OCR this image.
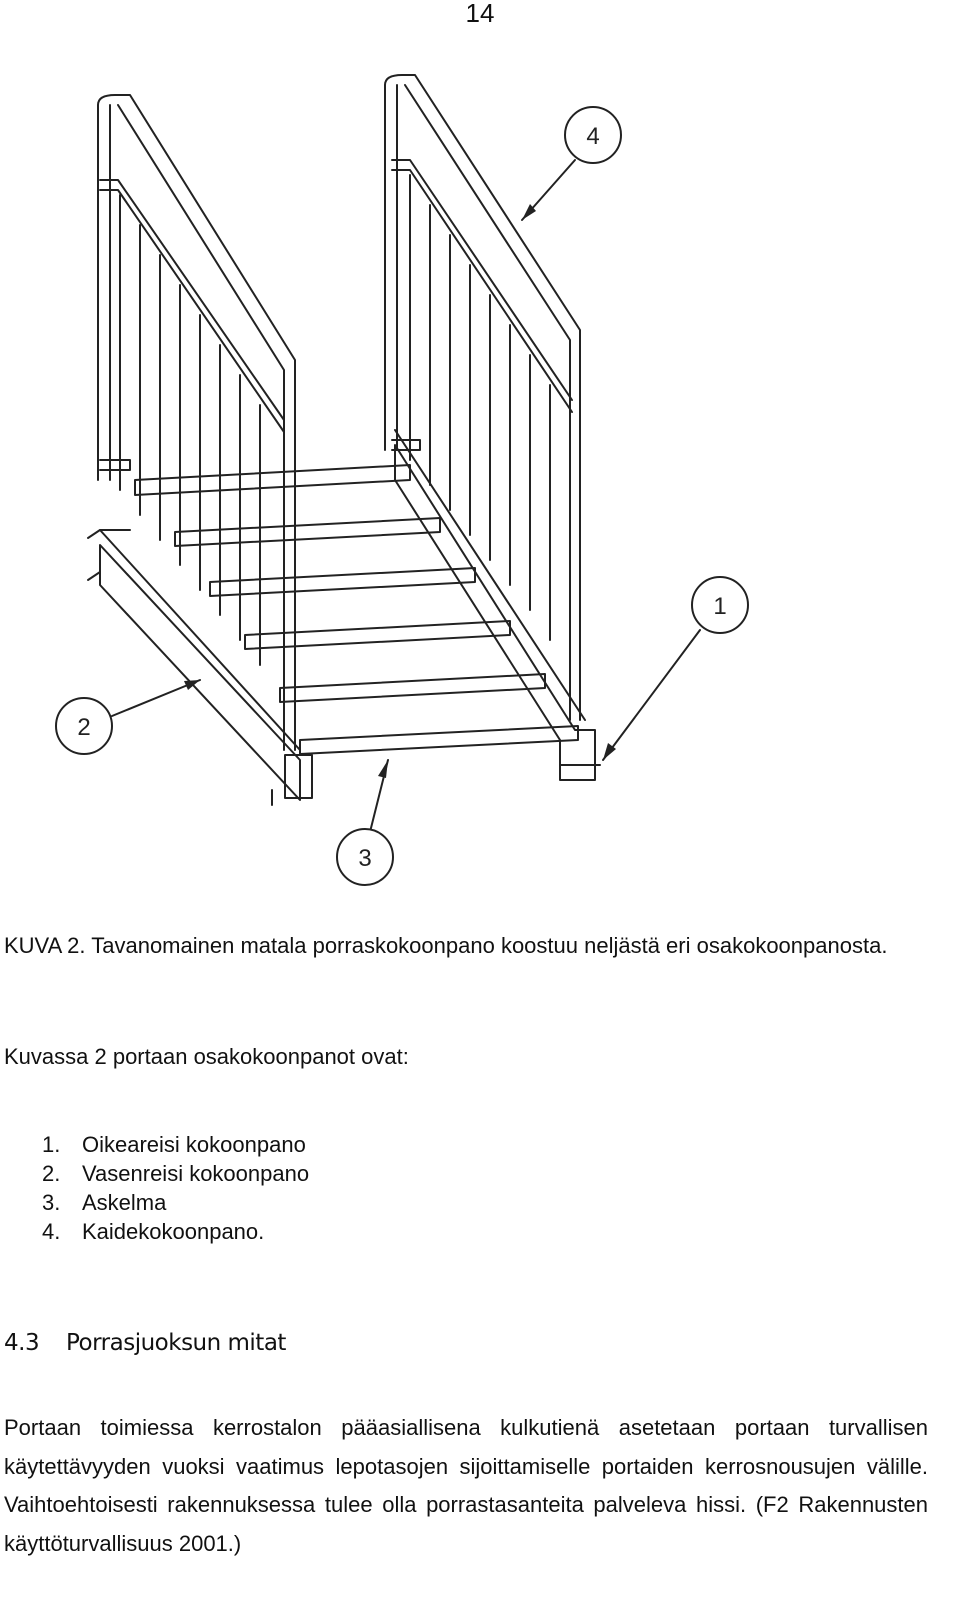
14
4
1
2
3
KUVA 2. Tavanomainen matala porraskokoonpano koostuu neljästä eri osakokoonpanosta.
Kuvassa 2 portaan osakokoonpanot ovat:
1. Oikeareisi kokoonpano
2. Vasenreisi kokoonpano
3. Askelma
4. Kaidekokoonpano.
4.3 Porrasjuoksun mitat
Portaan toimiessa kerrostalon pääasiallisena kulkutienä asetetaan portaan turvallisen käytettävyyden vuoksi vaatimus lepotasojen sijoittamiselle portaiden kerrosnousujen välille. Vaihtoehtoisesti rakennuksessa tulee olla porrastasanteita palveleva hissi. (F2 Rakennusten käyttöturvallisuus 2001.)
